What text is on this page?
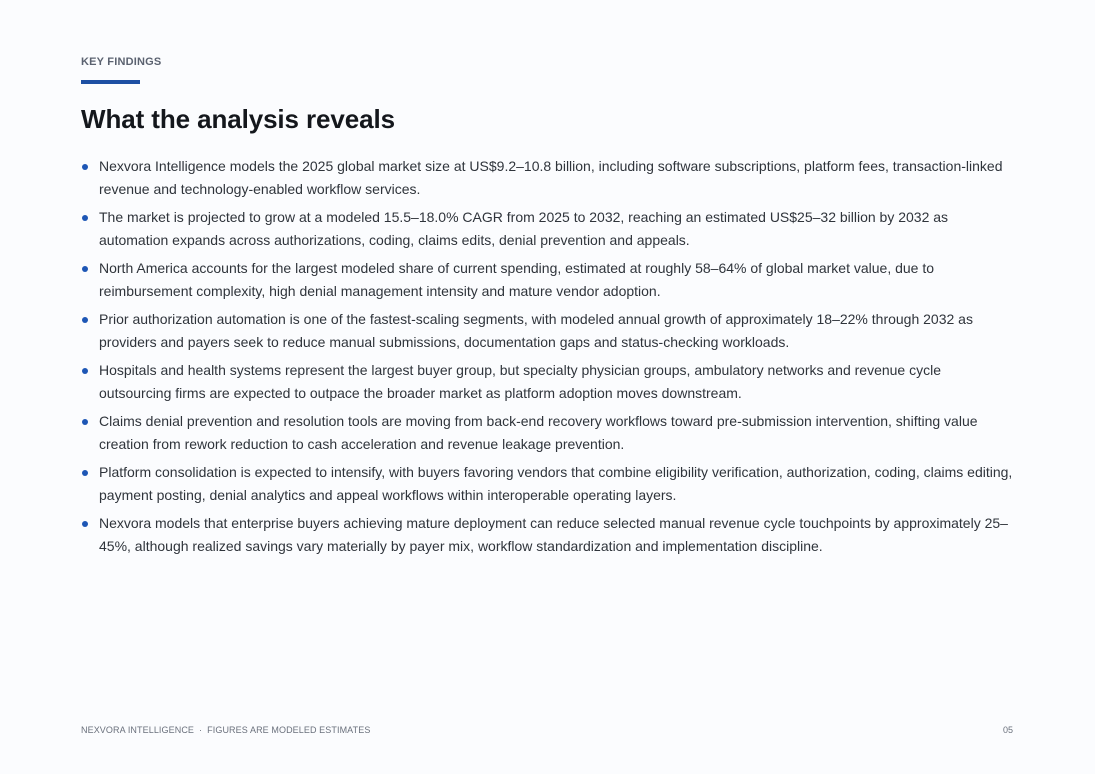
KEY FINDINGS
What the analysis reveals
Nexvora Intelligence models the 2025 global market size at US$9.2–10.8 billion, including software subscriptions, platform fees, transaction-linked revenue and technology-enabled workflow services.
The market is projected to grow at a modeled 15.5–18.0% CAGR from 2025 to 2032, reaching an estimated US$25–32 billion by 2032 as automation expands across authorizations, coding, claims edits, denial prevention and appeals.
North America accounts for the largest modeled share of current spending, estimated at roughly 58–64% of global market value, due to reimbursement complexity, high denial management intensity and mature vendor adoption.
Prior authorization automation is one of the fastest-scaling segments, with modeled annual growth of approximately 18–22% through 2032 as providers and payers seek to reduce manual submissions, documentation gaps and status-checking workloads.
Hospitals and health systems represent the largest buyer group, but specialty physician groups, ambulatory networks and revenue cycle outsourcing firms are expected to outpace the broader market as platform adoption moves downstream.
Claims denial prevention and resolution tools are moving from back-end recovery workflows toward pre-submission intervention, shifting value creation from rework reduction to cash acceleration and revenue leakage prevention.
Platform consolidation is expected to intensify, with buyers favoring vendors that combine eligibility verification, authorization, coding, claims editing, payment posting, denial analytics and appeal workflows within interoperable operating layers.
Nexvora models that enterprise buyers achieving mature deployment can reduce selected manual revenue cycle touchpoints by approximately 25–45%, although realized savings vary materially by payer mix, workflow standardization and implementation discipline.
NEXVORA INTELLIGENCE · FIGURES ARE MODELED ESTIMATES	05
